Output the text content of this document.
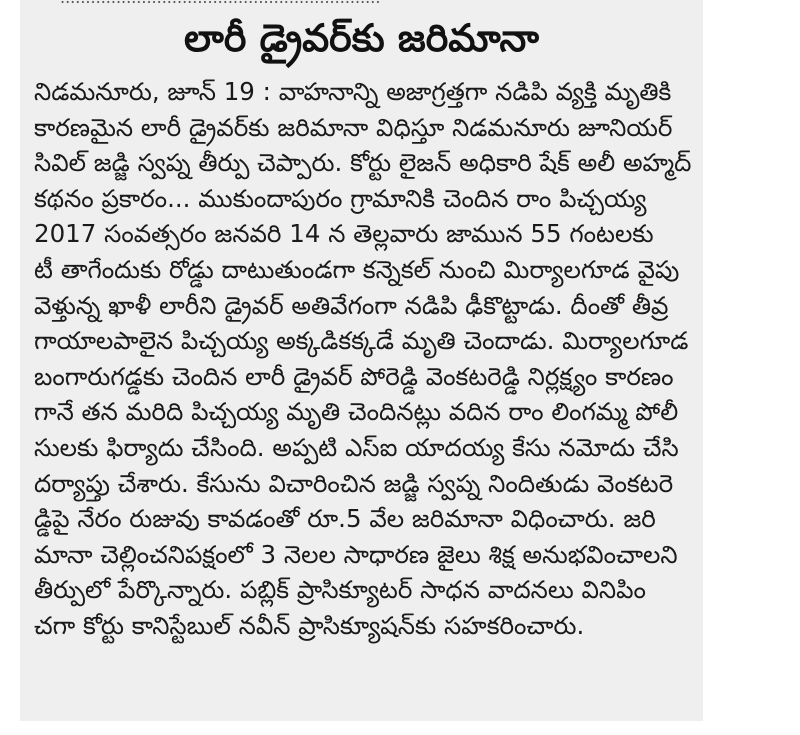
లారీ డ్రైవర్‌కు జరిమానా
నిడమనూరు, జూన్ 19 : వాహనాన్ని అజాగ్రత్తగా నడిపి వ్యక్తి మృతికి
కారణమైన లారీ డ్రైవర్‌కు జరిమానా విధిస్తూ నిడమనూరు జూనియర్
సివిల్ జడ్జి స్వప్న తీర్పు చెప్పారు. కోర్టు లైజన్ అధికారి షేక్ అలీ అహ్మద్
కథనం ప్రకారం... ముకుందాపురం గ్రామానికి చెందిన రాం పిచ్చయ్య
2017 సంవత్సరం జనవరి 14 న తెల్లవారు జామున 55 గంటలకు
టీ తాగేందుకు రోడ్డు దాటుతుండగా కన్నెకల్ నుంచి మిర్యాలగూడ వైపు
వెళ్తున్న ఖాళీ లారీని డ్రైవర్ అతివేగంగా నడిపి ఢీకొట్టాడు. దీంతో తీవ్ర
గాయాలపాలైన పిచ్చయ్య అక్కడికక్కడే మృతి చెందాడు. మిర్యాలగూడ
బంగారుగడ్డకు చెందిన లారీ డ్రైవర్ పోరెడ్డి వెంకటరెడ్డి నిర్లక్ష్యం కారణం
గానే తన మరిది పిచ్చయ్య మృతి చెందినట్లు వదిన రాం లింగమ్మ పోలీ
సులకు ఫిర్యాదు చేసింది. అప్పటి ఎస్ఐ యాదయ్య కేసు నమోదు చేసి
దర్యాప్తు చేశారు. కేసును విచారించిన జడ్జి స్వప్న నిందితుడు వెంకటరె
డ్డిపై నేరం రుజువు కావడంతో రూ.5 వేల జరిమానా విధించారు. జరి
మానా చెల్లించనిపక్షంలో 3 నెలల సాధారణ జైలు శిక్ష అనుభవించాలని
తీర్పులో పేర్కొన్నారు. పబ్లిక్ ప్రాసిక్యూటర్ సాధన వాదనలు వినిపిం
చగా కోర్టు కానిస్టేబుల్ నవీన్ ప్రాసిక్యూషన్‌కు సహకరించారు.
